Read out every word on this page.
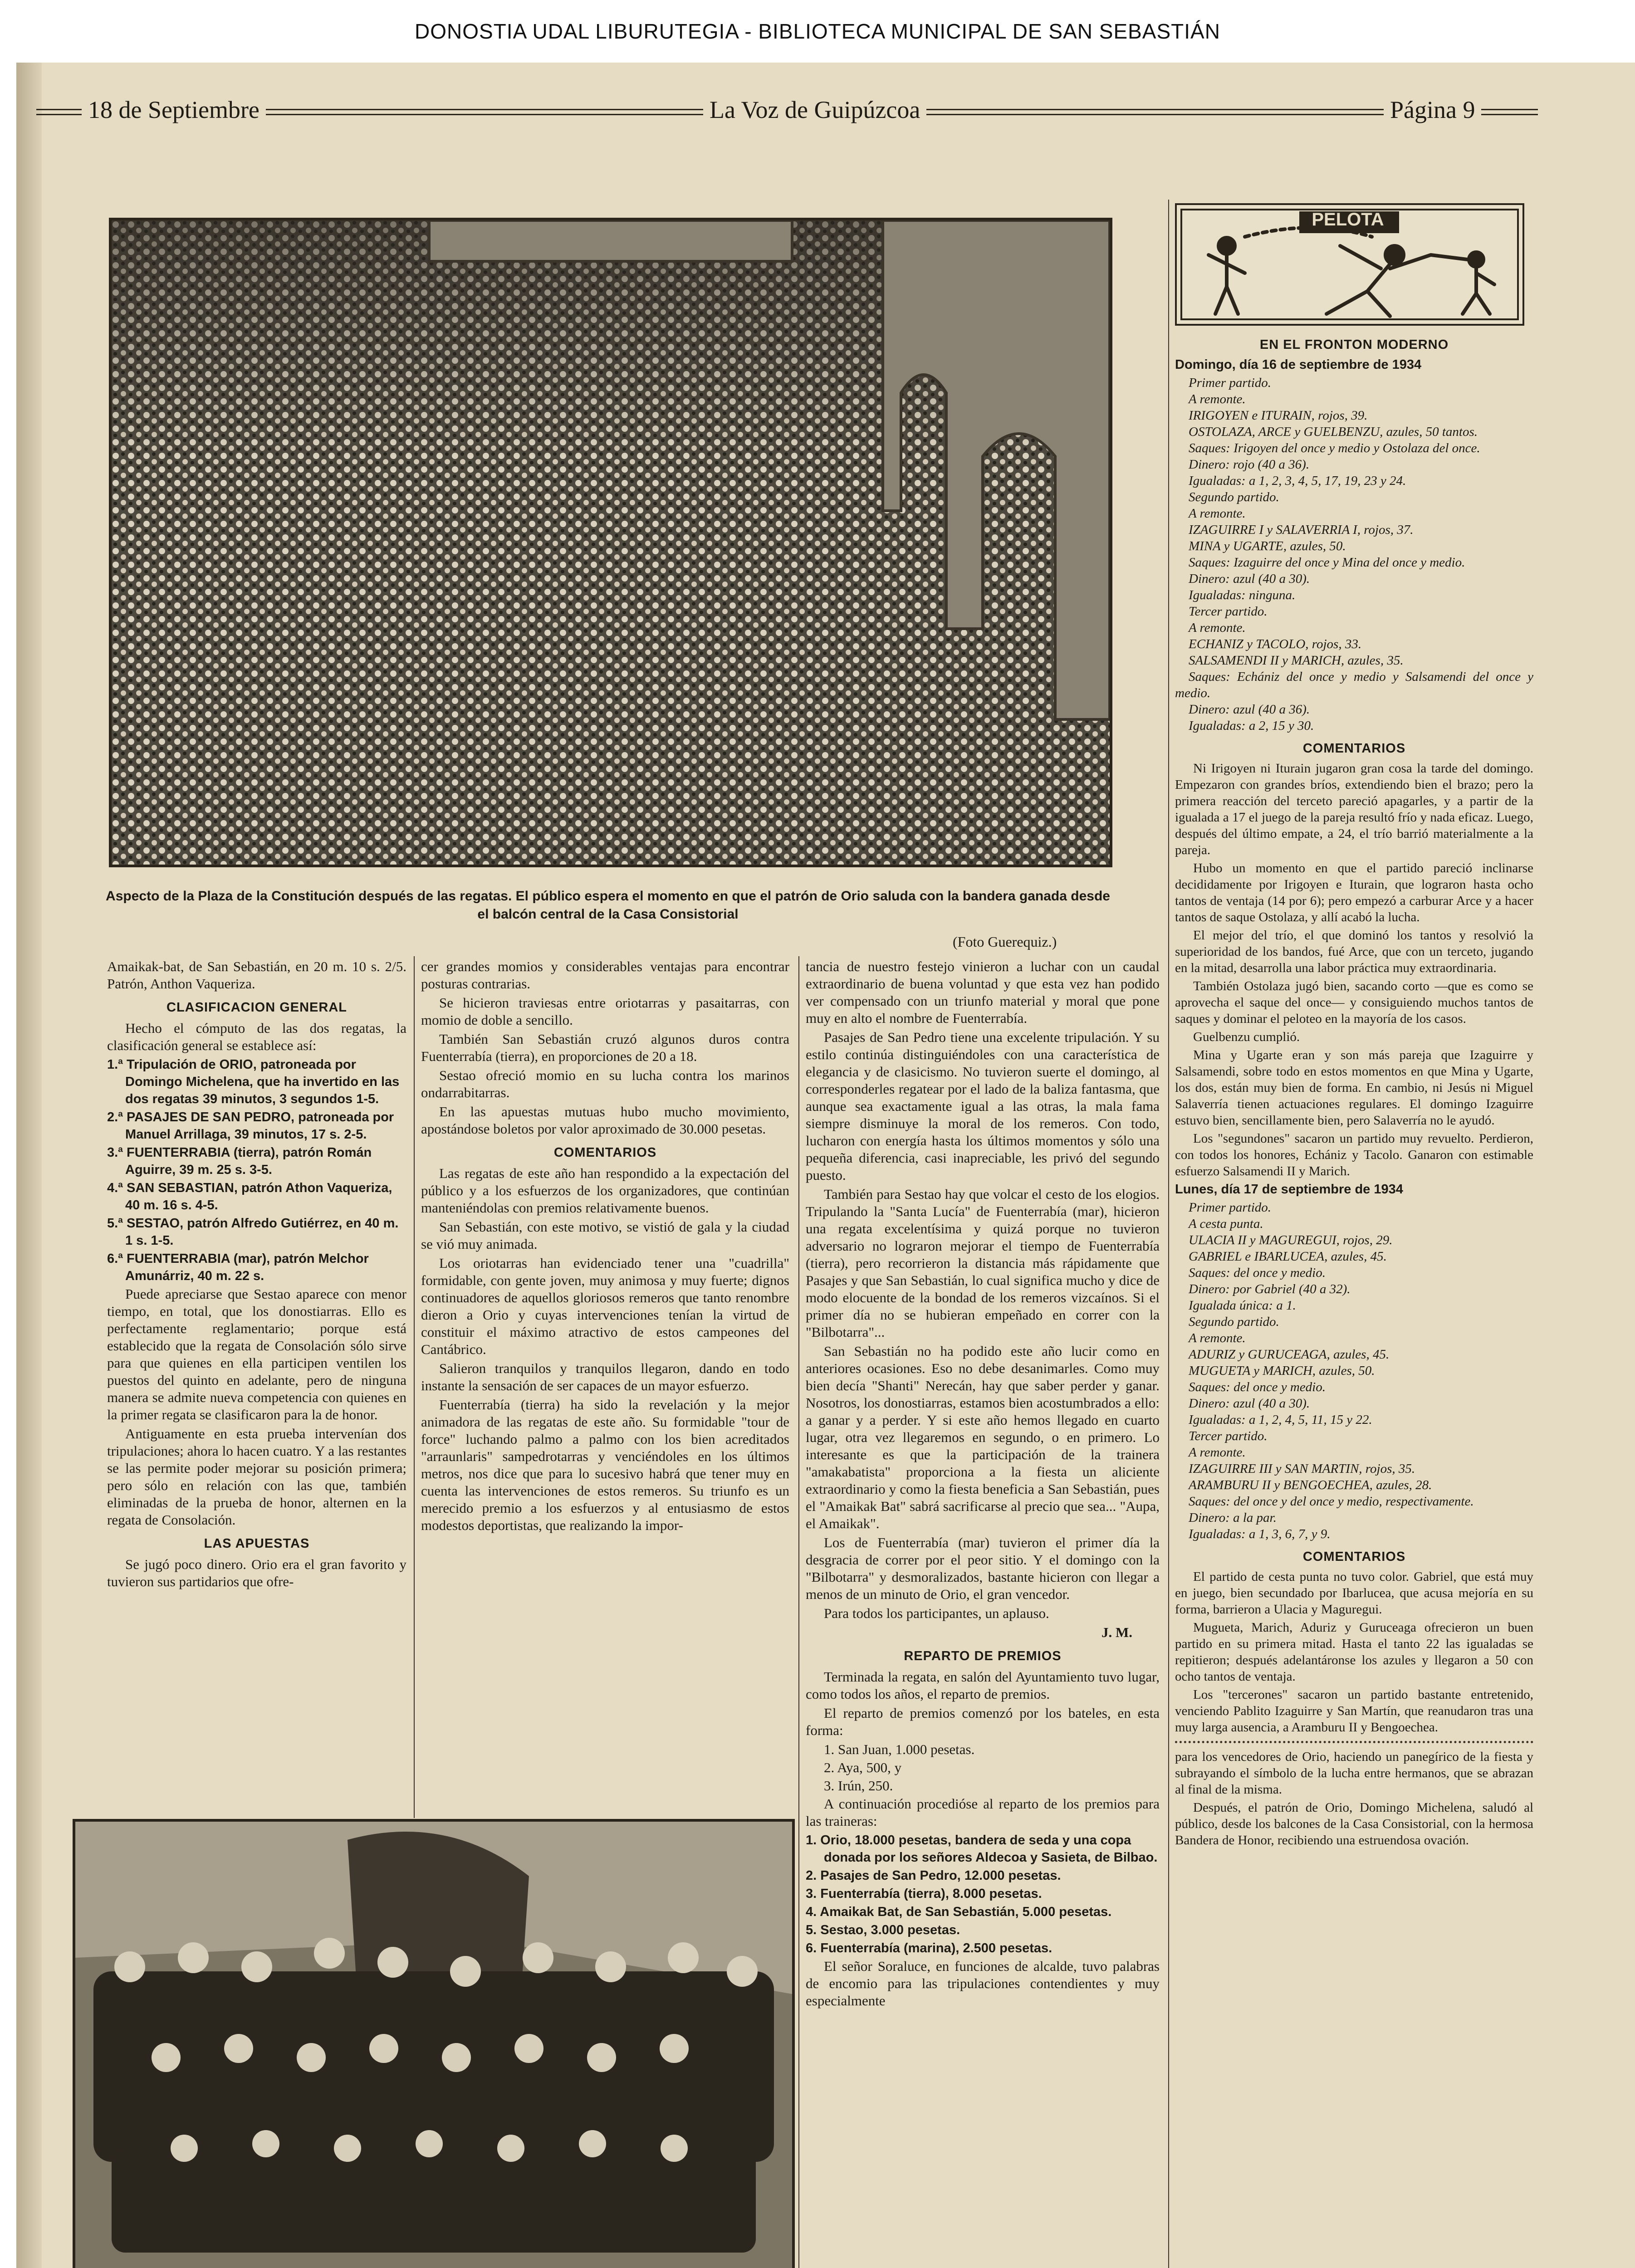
DONOSTIA UDAL LIBURUTEGIA - BIBLIOTECA MUNICIPAL DE SAN SEBASTIÁN
18 de Septiembre	La Voz de Guipúzcoa	Página 9
Aspecto de la Plaza de la Constitución después de las regatas. El público espera el momento en que el patrón de Orio saluda con la bandera ganada desde el balcón central de la Casa Consistorial
(Foto Guerequiz.)
PELOTA

Amaikak-bat, de San Sebastián, en 20 m. 10 s. 2/5. Patrón, Anthon Vaqueriza.

CLASIFICACION GENERAL

Hecho el cómputo de las dos regatas, la clasificación general se establece así:

1.ª Tripulación de ORIO, patroneada por Domingo Michelena, que ha invertido en las dos regatas 39 minutos, 3 segundos 1-5.

2.ª PASAJES DE SAN PEDRO, patroneada por Manuel Arrillaga, 39 minutos, 17 s. 2-5.

3.ª FUENTERRABIA (tierra), patrón Román Aguirre, 39 m. 25 s. 3-5.

4.ª SAN SEBASTIAN, patrón Athon Vaqueriza, 40 m. 16 s. 4-5.

5.ª SESTAO, patrón Alfredo Gutiérrez, en 40 m. 1 s. 1-5.

6.ª FUENTERRABIA (mar), patrón Melchor Amunárriz, 40 m. 22 s.

Puede apreciarse que Sestao aparece con menor tiempo, en total, que los donostiarras. Ello es perfectamente reglamentario; porque está establecido que la regata de Consolación sólo sirve para que quienes en ella participen ventilen los puestos del quinto en adelante, pero de ninguna manera se admite nueva competencia con quienes en la primer regata se clasificaron para la de honor.

Antiguamente en esta prueba intervenían dos tripulaciones; ahora lo hacen cuatro. Y a las restantes se las permite poder mejorar su posición primera; pero sólo en relación con las que, también eliminadas de la prueba de honor, alternen en la regata de Consolación.

LAS APUESTAS

Se jugó poco dinero. Orio era el gran favorito y tuvieron sus partidarios que ofre-

cer grandes momios y considerables ventajas para encontrar posturas contrarias.

Se hicieron traviesas entre oriotarras y pasaitarras, con momio de doble a sencillo.

También San Sebastián cruzó algunos duros contra Fuenterrabía (tierra), en proporciones de 20 a 18.

Sestao ofreció momio en su lucha contra los marinos ondarrabitarras.

En las apuestas mutuas hubo mucho movimiento, apostándose boletos por valor aproximado de 30.000 pesetas.

COMENTARIOS

Las regatas de este año han respondido a la expectación del público y a los esfuerzos de los organizadores, que continúan manteniéndolas con premios relativamente buenos.

San Sebastián, con este motivo, se vistió de gala y la ciudad se vió muy animada.

Los oriotarras han evidenciado tener una "cuadrilla" formidable, con gente joven, muy animosa y muy fuerte; dignos continuadores de aquellos gloriosos remeros que tanto renombre dieron a Orio y cuyas intervenciones tenían la virtud de constituir el máximo atractivo de estos campeones del Cantábrico.

Salieron tranquilos y tranquilos llegaron, dando en todo instante la sensación de ser capaces de un mayor esfuerzo.

Fuenterrabía (tierra) ha sido la revelación y la mejor animadora de las regatas de este año. Su formidable "tour de force" luchando palmo a palmo con los bien acreditados "arraunlaris" sampedrotarras y venciéndoles en los últimos metros, nos dice que para lo sucesivo habrá que tener muy en cuenta las intervenciones de estos remeros. Su triunfo es un merecido premio a los esfuerzos y al entusiasmo de estos modestos deportistas, que realizando la impor-

tancia de nuestro festejo vinieron a luchar con un caudal extraordinario de buena voluntad y que esta vez han podido ver compensado con un triunfo material y moral que pone muy en alto el nombre de Fuenterrabía.

Pasajes de San Pedro tiene una excelente tripulación. Y su estilo continúa distinguiéndoles con una característica de elegancia y de clasicismo. No tuvieron suerte el domingo, al corresponderles regatear por el lado de la baliza fantasma, que aunque sea exactamente igual a las otras, la mala fama siempre disminuye la moral de los remeros. Con todo, lucharon con energía hasta los últimos momentos y sólo una pequeña diferencia, casi inapreciable, les privó del segundo puesto.

También para Sestao hay que volcar el cesto de los elogios. Tripulando la "Santa Lucía" de Fuenterrabía (mar), hicieron una regata excelentísima y quizá porque no tuvieron adversario no lograron mejorar el tiempo de Fuenterrabía (tierra), pero recorrieron la distancia más rápidamente que Pasajes y que San Sebastián, lo cual significa mucho y dice de modo elocuente de la bondad de los remeros vizcaínos. Si el primer día no se hubieran empeñado en correr con la "Bilbotarra"...

San Sebastián no ha podido este año lucir como en anteriores ocasiones. Eso no debe desanimarles. Como muy bien decía "Shanti" Nerecán, hay que saber perder y ganar. Nosotros, los donostiarras, estamos bien acostumbrados a ello: a ganar y a perder. Y si este año hemos llegado en cuarto lugar, otra vez llegaremos en segundo, o en primero. Lo interesante es que la participación de la trainera "amakabatista" proporciona a la fiesta un aliciente extraordinario y como la fiesta beneficia a San Sebastián, pues el "Amaikak Bat" sabrá sacrificarse al precio que sea... "Aupa, el Amaikak".

Los de Fuenterrabía (mar) tuvieron el primer día la desgracia de correr por el peor sitio. Y el domingo con la "Bilbotarra" y desmoralizados, bastante hicieron con llegar a menos de un minuto de Orio, el gran vencedor.

Para todos los participantes, un aplauso.

J. M.

REPARTO DE PREMIOS

Terminada la regata, en salón del Ayuntamiento tuvo lugar, como todos los años, el reparto de premios.

El reparto de premios comenzó por los bateles, en esta forma:

1. San Juan, 1.000 pesetas.

2. Aya, 500, y

3. Irún, 250.

A continuación procedióse al reparto de los premios para las traineras:

1. Orio, 18.000 pesetas, bandera de seda y una copa donada por los señores Aldecoa y Sasieta, de Bilbao.

2. Pasajes de San Pedro, 12.000 pesetas.

3. Fuenterrabía (tierra), 8.000 pesetas.

4. Amaikak Bat, de San Sebastián, 5.000 pesetas.

5. Sestao, 3.000 pesetas.

6. Fuenterrabía (marina), 2.500 pesetas.

El señor Soraluce, en funciones de alcalde, tuvo palabras de encomio para las tripulaciones contendientes y muy especialmente

EN EL FRONTON MODERNO

Domingo, día 16 de septiembre de 1934

Primer partido.

A remonte.

IRIGOYEN e ITURAIN, rojos, 39.

OSTOLAZA, ARCE y GUELBENZU, azules, 50 tantos.

Saques: Irigoyen del once y medio y Ostolaza del once.

Dinero: rojo (40 a 36).

Igualadas: a 1, 2, 3, 4, 5, 17, 19, 23 y 24.

Segundo partido.

A remonte.

IZAGUIRRE I y SALAVERRIA I, rojos, 37.

MINA y UGARTE, azules, 50.

Saques: Izaguirre del once y Mina del once y medio.

Dinero: azul (40 a 30).

Igualadas: ninguna.

Tercer partido.

A remonte.

ECHANIZ y TACOLO, rojos, 33.

SALSAMENDI II y MARICH, azules, 35.

Saques: Echániz del once y medio y Salsamendi del once y medio.

Dinero: azul (40 a 36).

Igualadas: a 2, 15 y 30.

COMENTARIOS

Ni Irigoyen ni Iturain jugaron gran cosa la tarde del domingo. Empezaron con grandes bríos, extendiendo bien el brazo; pero la primera reacción del terceto pareció apagarles, y a partir de la igualada a 17 el juego de la pareja resultó frío y nada eficaz. Luego, después del último empate, a 24, el trío barrió materialmente a la pareja.

Hubo un momento en que el partido pareció inclinarse decididamente por Irigoyen e Iturain, que lograron hasta ocho tantos de ventaja (14 por 6); pero empezó a carburar Arce y a hacer tantos de saque Ostolaza, y allí acabó la lucha.

El mejor del trío, el que dominó los tantos y resolvió la superioridad de los bandos, fué Arce, que con un terceto, jugando en la mitad, desarrolla una labor práctica muy extraordinaria.

También Ostolaza jugó bien, sacando corto —que es como se aprovecha el saque del once— y consiguiendo muchos tantos de saques y dominar el peloteo en la mayoría de los casos.

Guelbenzu cumplió.

Mina y Ugarte eran y son más pareja que Izaguirre y Salsamendi, sobre todo en estos momentos en que Mina y Ugarte, los dos, están muy bien de forma. En cambio, ni Jesús ni Miguel Salaverría tienen actuaciones regulares. El domingo Izaguirre estuvo bien, sencillamente bien, pero Salaverría no le ayudó.

Los "segundones" sacaron un partido muy revuelto. Perdieron, con todos los honores, Echániz y Tacolo. Ganaron con estimable esfuerzo Salsamendi II y Marich.

Lunes, día 17 de septiembre de 1934

Primer partido.

A cesta punta.

ULACIA II y MAGUREGUI, rojos, 29.

GABRIEL e IBARLUCEA, azules, 45.

Saques: del once y medio.

Dinero: por Gabriel (40 a 32).

Igualada única: a 1.

Segundo partido.

A remonte.

ADURIZ y GURUCEAGA, azules, 45.

MUGUETA y MARICH, azules, 50.

Saques: del once y medio.

Dinero: azul (40 a 30).

Igualadas: a 1, 2, 4, 5, 11, 15 y 22.

Tercer partido.

A remonte.

IZAGUIRRE III y SAN MARTIN, rojos, 35.

ARAMBURU II y BENGOECHEA, azules, 28.

Saques: del once y del once y medio, respectivamente.

Dinero: a la par.

Igualadas: a 1, 3, 6, 7, y 9.

COMENTARIOS

El partido de cesta punta no tuvo color. Gabriel, que está muy en juego, bien secundado por Ibarlucea, que acusa mejoría en su forma, barrieron a Ulacia y Maguregui.

Mugueta, Marich, Aduriz y Guruceaga ofrecieron un buen partido en su primera mitad. Hasta el tanto 22 las igualadas se repitieron; después adelantáronse los azules y llegaron a 50 con ocho tantos de ventaja.

Los "terceronеs" sacaron un partido bastante entretenido, venciendo Pablito Izaguirre y San Martín, que reanudaron tras una muy larga ausencia, a Aramburu II y Bengoechea.

para los vencedores de Orio, haciendo un panegírico de la fiesta y subrayando el símbolo de la lucha entre hermanos, que se abrazan al final de la misma.

Después, el patrón de Orio, Domingo Michelena, saludó al público, desde los balcones de la Casa Consistorial, con la hermosa Bandera de Honor, recibiendo una estruendosa ovación.
